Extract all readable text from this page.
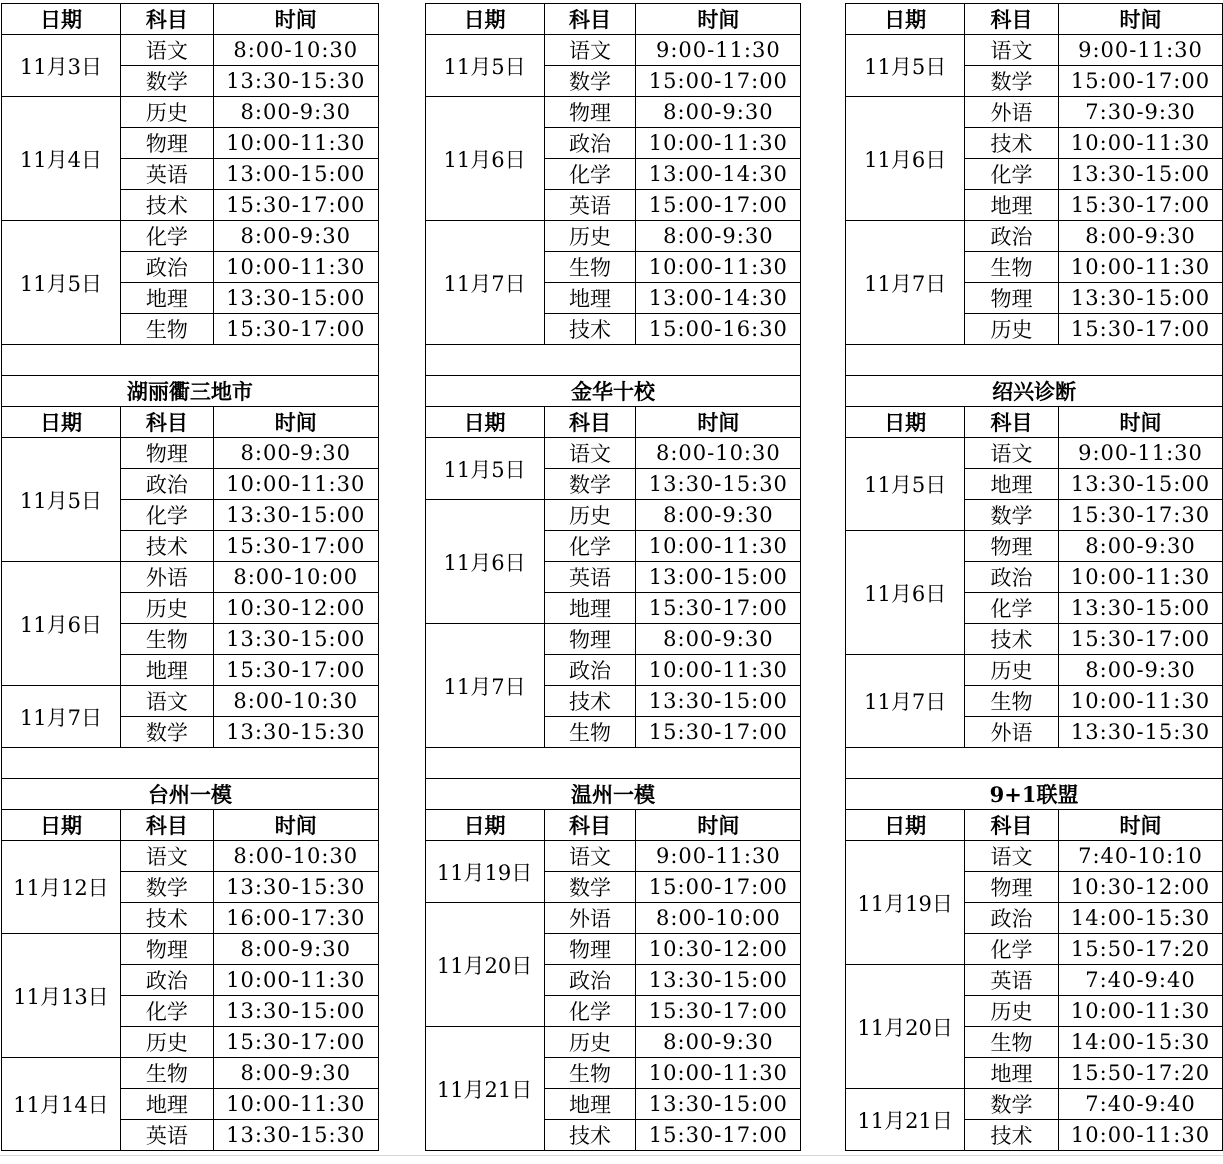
日期	科目	时间		日期	科目	时间		日期	科目	时间
11月3日	语文	8:00-10:30		11月5日	语文	9:00-11:30		11月5日	语文	9:00-11:30
	数学	13:30-15:30			数学	15:00-17:00			数学	15:00-17:00
11月4日	历史	8:00-9:30		11月6日	物理	8:00-9:30		11月6日	外语	7:30-9:30
	物理	10:00-11:30			政治	10:00-11:30			技术	10:00-11:30
	英语	13:00-15:00			化学	13:00-14:30			化学	13:30-15:00
	技术	15:30-17:00			英语	15:00-17:00			地理	15:30-17:00
11月5日	化学	8:00-9:30		11月7日	历史	8:00-9:30		11月7日	政治	8:00-9:30
	政治	10:00-11:30			生物	10:00-11:30			生物	10:00-11:30
	地理	13:30-15:00			地理	13:00-14:30			物理	13:30-15:00
	生物	15:30-17:00			技术	15:00-16:30			历史	15:30-17:00

湖丽衢三地市				金华十校				绍兴诊断		
日期	科目	时间		日期	科目	时间		日期	科目	时间
11月5日	物理	8:00-9:30		11月5日	语文	8:00-10:30		11月5日	语文	9:00-11:30
	政治	10:00-11:30			数学	13:30-15:30			地理	13:30-15:00
	化学	13:30-15:00		11月6日	历史	8:00-9:30			数学	15:30-17:30
	技术	15:30-17:00			化学	10:00-11:30		11月6日	物理	8:00-9:30
11月6日	外语	8:00-10:00			英语	13:00-15:00			政治	10:00-11:30
	历史	10:30-12:00			地理	15:30-17:00			化学	13:30-15:00
	生物	13:30-15:00		11月7日	物理	8:00-9:30			技术	15:30-17:00
	地理	15:30-17:00			政治	10:00-11:30		11月7日	历史	8:00-9:30
11月7日	语文	8:00-10:30			技术	13:30-15:00			生物	10:00-11:30
	数学	13:30-15:30			生物	15:30-17:00			外语	13:30-15:30

台州一模				温州一模				9+1联盟		
日期	科目	时间		日期	科目	时间		日期	科目	时间
11月12日	语文	8:00-10:30		11月19日	语文	9:00-11:30		11月19日	语文	7:40-10:10
	数学	13:30-15:30			数学	15:00-17:00			物理	10:30-12:00
	技术	16:00-17:30		11月20日	外语	8:00-10:00			政治	14:00-15:30
11月13日	物理	8:00-9:30			物理	10:30-12:00			化学	15:50-17:20
	政治	10:00-11:30			政治	13:30-15:00		11月20日	英语	7:40-9:40
	化学	13:30-15:00			化学	15:30-17:00			历史	10:00-11:30
	历史	15:30-17:00		11月21日	历史	8:00-9:30			生物	14:00-15:30
11月14日	生物	8:00-9:30			生物	10:00-11:30			地理	15:50-17:20
	地理	10:00-11:30			地理	13:30-15:00		11月21日	数学	7:40-9:40
	英语	13:30-15:30			技术	15:30-17:00			技术	10:00-11:30
